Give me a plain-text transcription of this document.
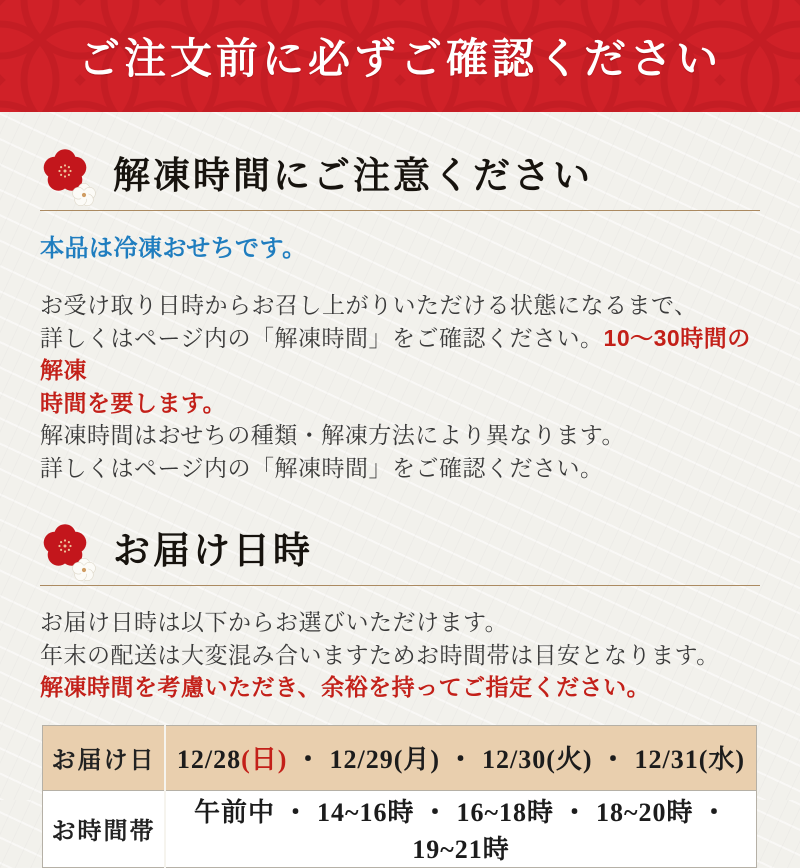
ご注文前に必ずご確認ください
解凍時間にご注意ください

本品は冷凍おせちです。

お受け取り日時からお召し上がりいただける状態になるまで、

詳しくはページ内の「解凍時間」をご確認ください。10〜30時間の解凍

時間を要します。

解凍時間はおせちの種類・解凍方法により異なります。

詳しくはページ内の「解凍時間」をご確認ください。

お届け日時

お届け日時は以下からお選びいただけます。

年末の配送は大変混み合いますためお時間帯は目安となります。

解凍時間を考慮いただき、余裕を持ってご指定ください。

お届け日	12/28(日) ・ 12/29(月) ・ 12/30(火) ・ 12/31(水)
お時間帯	午前中 ・ 14~16時 ・ 16~18時 ・ 18~20時 ・ 19~21時
